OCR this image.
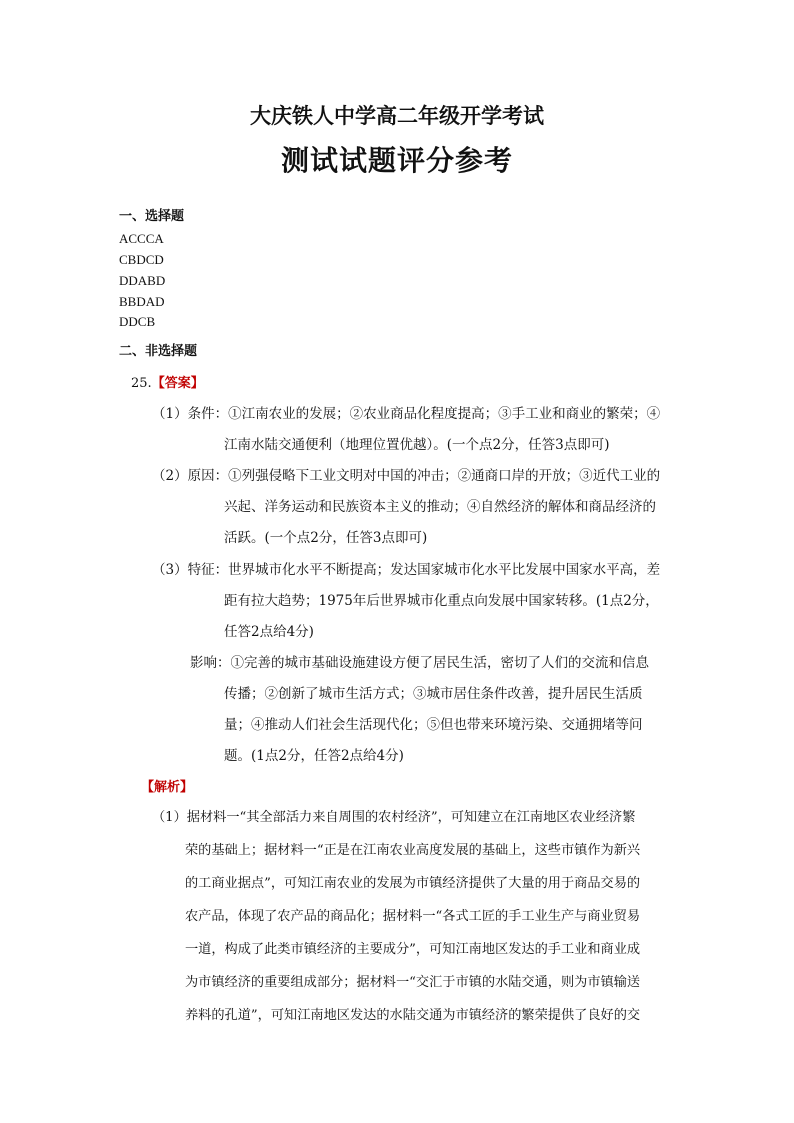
大庆铁人中学高二年级开学考试
测试试题评分参考
一、选择题
ACCCA
CBDCD
DDABD
BBDAD
DDCB
二、非选择题
25.【答案】
（1）条件：①江南农业的发展；②农业商品化程度提高；③手工业和商业的繁荣；④
江南水陆交通便利（地理位置优越）。(一个点2分，任答3点即可)
（2）原因：①列强侵略下工业文明对中国的冲击；②通商口岸的开放；③近代工业的
兴起、洋务运动和民族资本主义的推动；④自然经济的解体和商品经济的
活跃。(一个点2分，任答3点即可)
（3）特征：世界城市化水平不断提高；发达国家城市化水平比发展中国家水平高，差
距有拉大趋势；1975年后世界城市化重点向发展中国家转移。(1点2分，
任答2点给4分)
影响：①完善的城市基础设施建设方便了居民生活，密切了人们的交流和信息
传播；②创新了城市生活方式；③城市居住条件改善，提升居民生活质
量；④推动人们社会生活现代化；⑤但也带来环境污染、交通拥堵等问
题。(1点2分，任答2点给4分)
【解析】
（1）据材料一“其全部活力来自周围的农村经济”，可知建立在江南地区农业经济繁
荣的基础上；据材料一“正是在江南农业高度发展的基础上，这些市镇作为新兴
的工商业据点”，可知江南农业的发展为市镇经济提供了大量的用于商品交易的
农产品，体现了农产品的商品化；据材料一“各式工匠的手工业生产与商业贸易
一道，构成了此类市镇经济的主要成分”，可知江南地区发达的手工业和商业成
为市镇经济的重要组成部分；据材料一“交汇于市镇的水陆交通，则为市镇输送
养料的孔道”，可知江南地区发达的水陆交通为市镇经济的繁荣提供了良好的交
